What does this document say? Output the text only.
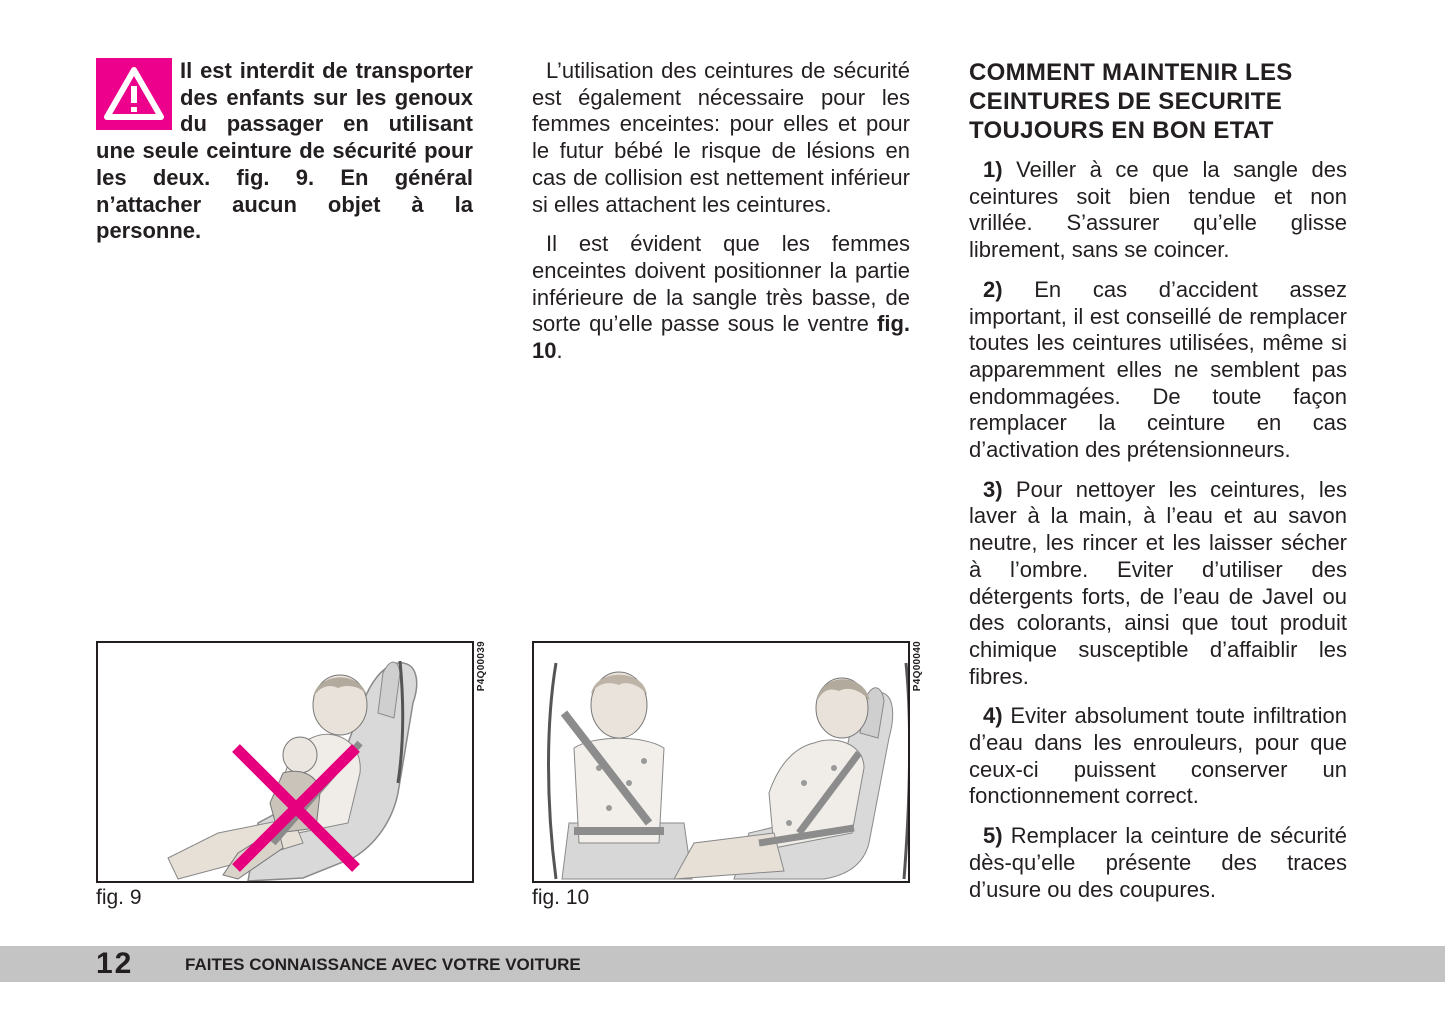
Il est interdit de transporter des enfants sur les genoux du passager en utilisant une seule ceinture de sécurité pour les deux. fig. 9. En général n’attacher aucun objet à la personne.

L’utilisation des ceintures de sécurité est également nécessaire pour les femmes enceintes: pour elles et pour le futur bébé le risque de lésions en cas de collision est nettement inférieur si elles attachent les ceintures.

Il est évident que les femmes enceintes doivent positionner la partie inférieure de la sangle très basse, de sorte qu’elle passe sous le ventre fig. 10.

COMMENT MAINTENIR LES
CEINTURES DE SECURITE
TOUJOURS EN BON ETAT

1) Veiller à ce que la sangle des ceintures soit bien tendue et non vrillée. S’assurer qu’elle glisse librement, sans se coincer.

2) En cas d’accident assez important, il est conseillé de remplacer toutes les ceintures utilisées, même si apparemment elles ne semblent pas endommagées. De toute façon remplacer la ceinture en cas d’activation des prétensionneurs.

3) Pour nettoyer les ceintures, les laver à la main, à l’eau et au savon neutre, les rincer et les laisser sécher à l’ombre. Eviter d’utiliser des détergents forts, de l’eau de Javel ou des colorants, ainsi que tout produit chimique susceptible d’affaiblir les fibres.

4) Eviter absolument toute infiltration d’eau dans les enrouleurs, pour que ceux-ci puissent conserver un fonctionnement correct.

5) Remplacer la ceinture de sécurité dès-qu’elle présente des traces d’usure ou des coupures.

P4Q00039
fig. 9
P4Q00040
fig. 10
12	FAITES CONNAISSANCE AVEC VOTRE VOITURE
